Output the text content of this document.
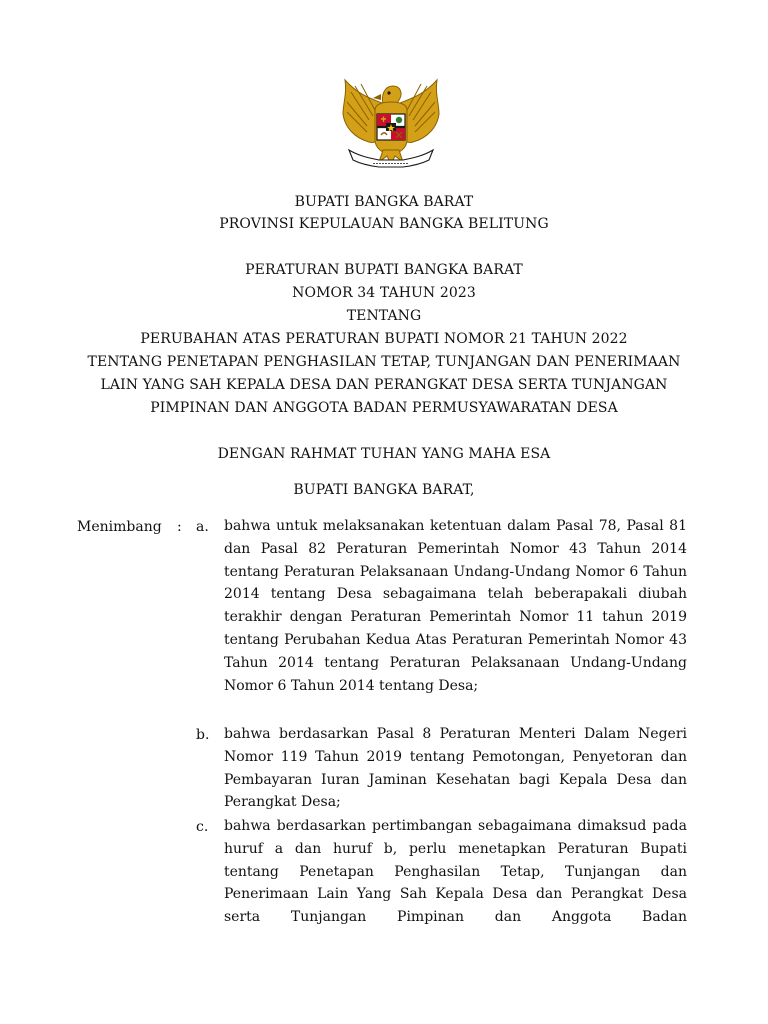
BUPATI BANGKA BARAT
PROVINSI KEPULAUAN BANGKA BELITUNG
PERATURAN BUPATI BANGKA BARAT
NOMOR 34 TAHUN 2023
TENTANG
PERUBAHAN ATAS PERATURAN BUPATI NOMOR 21 TAHUN 2022
TENTANG PENETAPAN PENGHASILAN TETAP, TUNJANGAN DAN PENERIMAAN
LAIN YANG SAH KEPALA DESA DAN PERANGKAT DESA SERTA TUNJANGAN
PIMPINAN DAN ANGGOTA BADAN PERMUSYAWARATAN DESA
DENGAN RAHMAT TUHAN YANG MAHA ESA
BUPATI BANGKA BARAT,
Menimbang : a. bahwa untuk melaksanakan ketentuan dalam Pasal 78, Pasal 81 dan Pasal 82 Peraturan Pemerintah Nomor 43 Tahun 2014 tentang Peraturan Pelaksanaan Undang-Undang Nomor 6 Tahun 2014 tentang Desa sebagaimana telah beberapakali diubah terakhir dengan Peraturan Pemerintah Nomor 11 tahun 2019 tentang Perubahan Kedua Atas Peraturan Pemerintah Nomor 43 Tahun 2014 tentang Peraturan Pelaksanaan Undang-Undang Nomor 6 Tahun 2014 tentang Desa;
b. bahwa berdasarkan Pasal 8 Peraturan Menteri Dalam Negeri Nomor 119 Tahun 2019 tentang Pemotongan, Penyetoran dan Pembayaran Iuran Jaminan Kesehatan bagi Kepala Desa dan Perangkat Desa;
c. bahwa berdasarkan pertimbangan sebagaimana dimaksud pada huruf a dan huruf b, perlu menetapkan Peraturan Bupati tentang Penetapan Penghasilan Tetap, Tunjangan dan Penerimaan Lain Yang Sah Kepala Desa dan Perangkat Desa serta Tunjangan Pimpinan dan Anggota Badan
